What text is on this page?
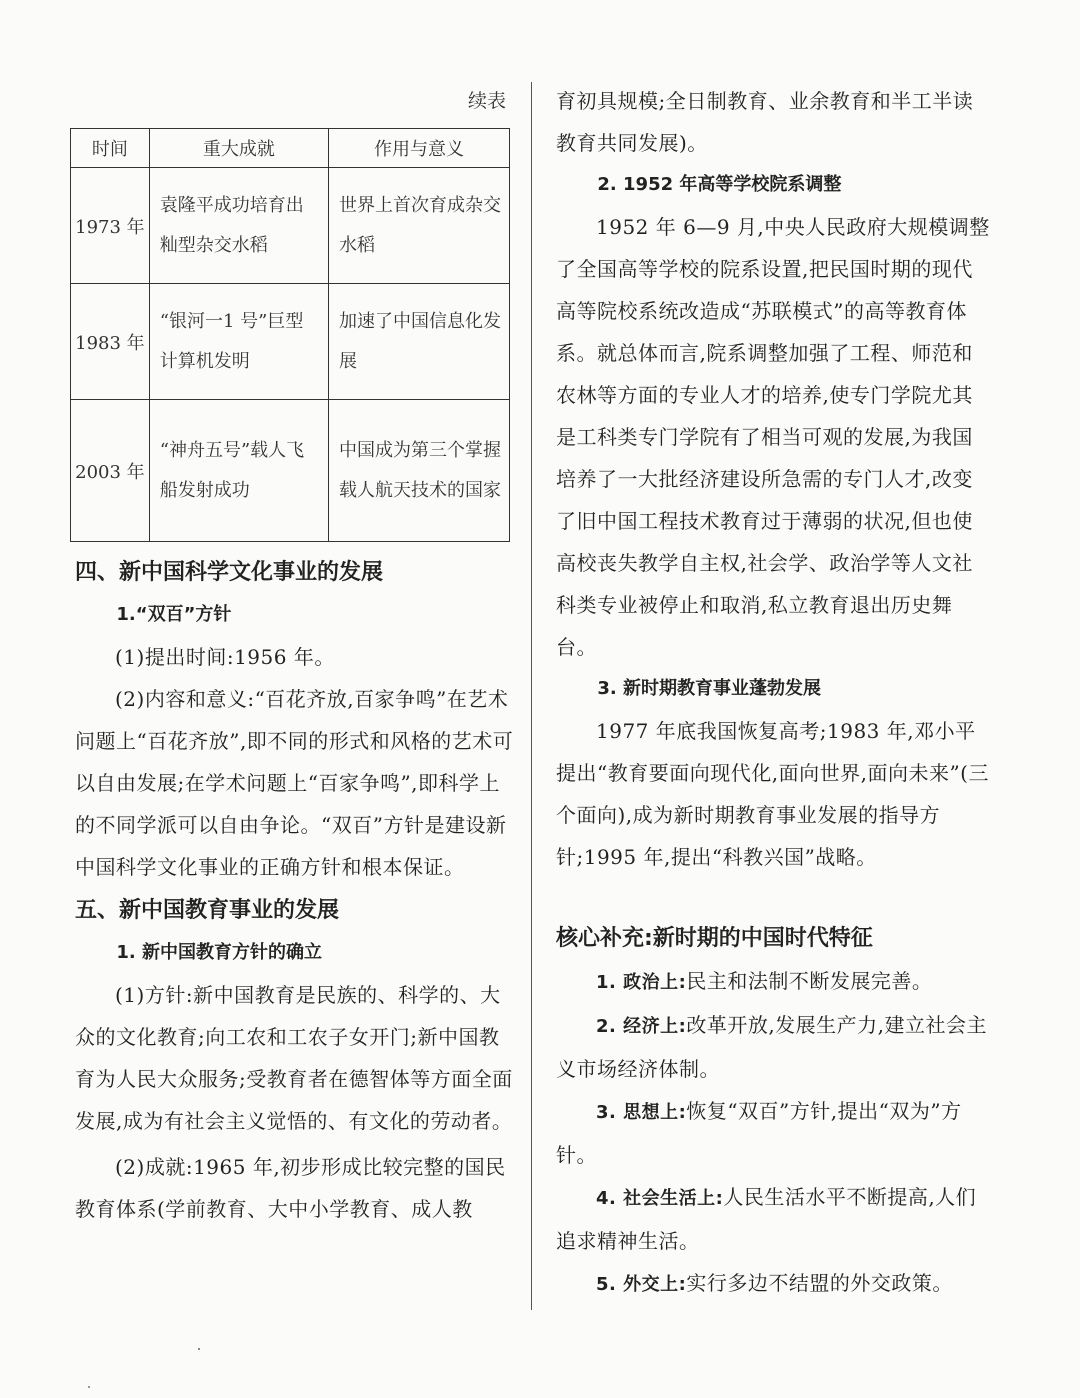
续表
时间	重大成就	作用与意义
1973 年	袁隆平成功培育出籼型杂交水稻	世界上首次育成杂交水稻
1983 年	“银河一1 号”巨型计算机发明	加速了中国信息化发展
2003 年	“神舟五号”载人飞船发射成功	中国成为第三个掌握载人航天技术的国家

四、新中国科学文化事业的发展

1.“双百”方针

(1)提出时间:1956 年。

(2)内容和意义:“百花齐放,百家争鸣”在艺术问题上“百花齐放”,即不同的形式和风格的艺术可以自由发展;在学术问题上“百家争鸣”,即科学上的不同学派可以自由争论。“双百”方针是建设新中国科学文化事业的正确方针和根本保证。

五、新中国教育事业的发展

1. 新中国教育方针的确立

(1)方针:新中国教育是民族的、科学的、大众的文化教育;向工农和工农子女开门;新中国教育为人民大众服务;受教育者在德智体等方面全面发展,成为有社会主义觉悟的、有文化的劳动者。

(2)成就:1965 年,初步形成比较完整的国民教育体系(学前教育、大中小学教育、成人教

育初具规模;全日制教育、业余教育和半工半读教育共同发展)。

2. 1952 年高等学校院系调整

1952 年 6—9 月,中央人民政府大规模调整了全国高等学校的院系设置,把民国时期的现代高等院校系统改造成“苏联模式”的高等教育体系。就总体而言,院系调整加强了工程、师范和农林等方面的专业人才的培养,使专门学院尤其是工科类专门学院有了相当可观的发展,为我国培养了一大批经济建设所急需的专门人才,改变了旧中国工程技术教育过于薄弱的状况,但也使高校丧失教学自主权,社会学、政治学等人文社科类专业被停止和取消,私立教育退出历史舞台。

3. 新时期教育事业蓬勃发展

1977 年底我国恢复高考;1983 年,邓小平提出“教育要面向现代化,面向世界,面向未来”(三个面向),成为新时期教育事业发展的指导方针;1995 年,提出“科教兴国”战略。

核心补充:新时期的中国时代特征

1. 政治上:民主和法制不断发展完善。

2. 经济上:改革开放,发展生产力,建立社会主义市场经济体制。

3. 思想上:恢复“双百”方针,提出“双为”方针。

4. 社会生活上:人民生活水平不断提高,人们追求精神生活。

5. 外交上:实行多边不结盟的外交政策。
